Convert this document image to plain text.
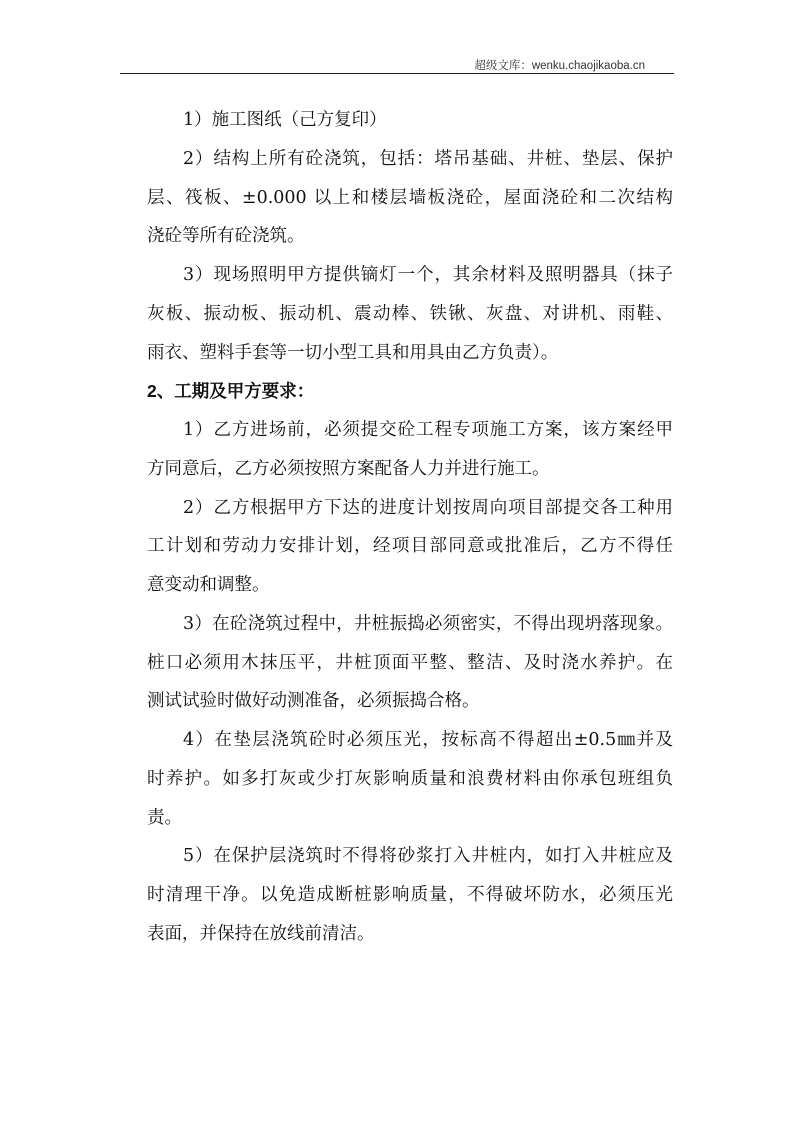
超级文库：wenku.chaojikaoba.cn
1）施工图纸（己方复印）
2）结构上所有砼浇筑，包括：塔吊基础、井桩、垫层、保护
层、筏板、±0.000 以上和楼层墙板浇砼，屋面浇砼和二次结构
浇砼等所有砼浇筑。
3）现场照明甲方提供镝灯一个，其余材料及照明器具（抹子
灰板、振动板、振动机、震动棒、铁锹、灰盘、对讲机、雨鞋、
雨衣、塑料手套等一切小型工具和用具由乙方负责）。
2、工期及甲方要求：
1）乙方进场前，必须提交砼工程专项施工方案，该方案经甲
方同意后，乙方必须按照方案配备人力并进行施工。
2）乙方根据甲方下达的进度计划按周向项目部提交各工种用
工计划和劳动力安排计划，经项目部同意或批准后，乙方不得任
意变动和调整。
3）在砼浇筑过程中，井桩振捣必须密实，不得出现坍落现象。
桩口必须用木抹压平，井桩顶面平整、整洁、及时浇水养护。在
测试试验时做好动测准备，必须振捣合格。
4）在垫层浇筑砼时必须压光，按标高不得超出±0.5㎜并及
时养护。如多打灰或少打灰影响质量和浪费材料由你承包班组负
责。
5）在保护层浇筑时不得将砂浆打入井桩内，如打入井桩应及
时清理干净。以免造成断桩影响质量，不得破坏防水，必须压光
表面，并保持在放线前清洁。
